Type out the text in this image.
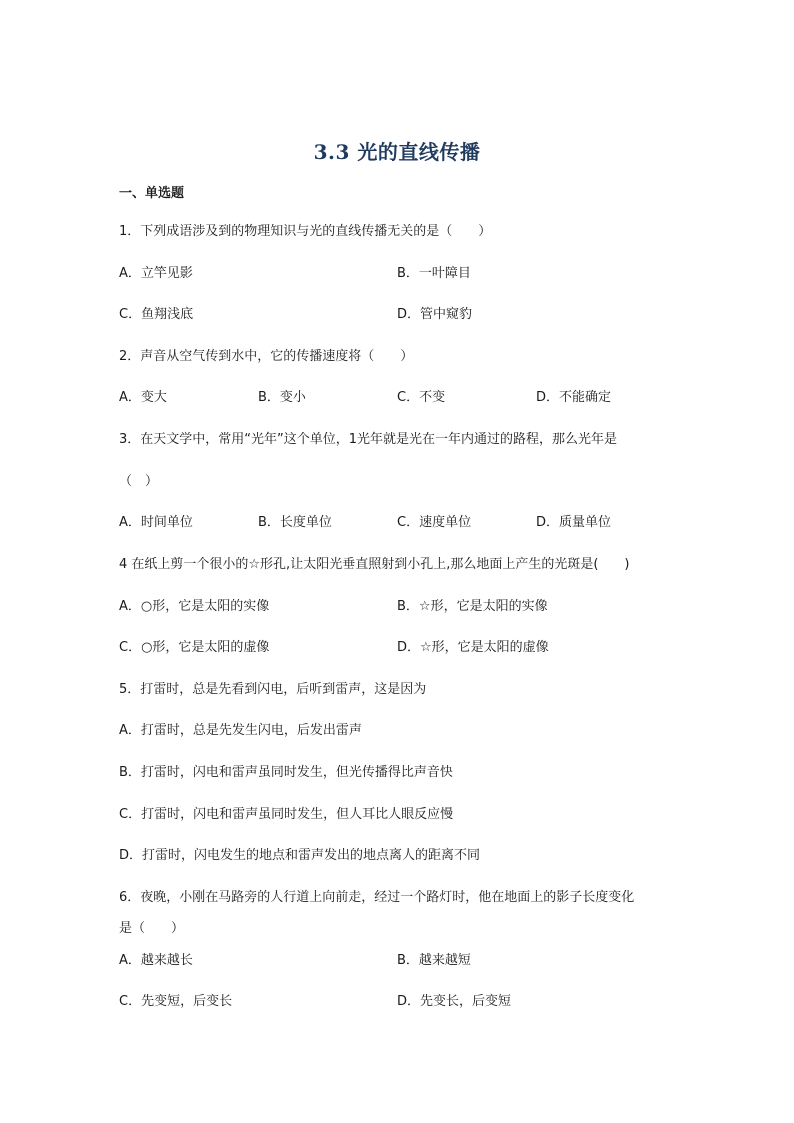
3.3 光的直线传播
一、单选题
1．下列成语涉及到的物理知识与光的直线传播无关的是（　　）
A．立竿见影	B．一叶障目
C．鱼翔浅底	D．管中窥豹
2．声音从空气传到水中，它的传播速度将（　　）
A．变大	B．变小	C．不变	D．不能确定
3．在天文学中，常用“光年”这个单位，1光年就是光在一年内通过的路程，那么光年是
（　）
A．时间单位	B．长度单位	C．速度单位	D．质量单位
4 在纸上剪一个很小的☆形孔,让太阳光垂直照射到小孔上,那么地面上产生的光斑是(　　)
A．○形，它是太阳的实像	B．☆形，它是太阳的实像
C．○形，它是太阳的虚像	D．☆形，它是太阳的虚像
5．打雷时，总是先看到闪电，后听到雷声，这是因为
A．打雷时，总是先发生闪电，后发出雷声
B．打雷时，闪电和雷声虽同时发生，但光传播得比声音快
C．打雷时，闪电和雷声虽同时发生，但人耳比人眼反应慢
D．打雷时，闪电发生的地点和雷声发出的地点离人的距离不同
6．夜晚，小刚在马路旁的人行道上向前走，经过一个路灯时，他在地面上的影子长度变化
是（　　）
A．越来越长	B．越来越短
C．先变短，后变长	D．先变长，后变短
